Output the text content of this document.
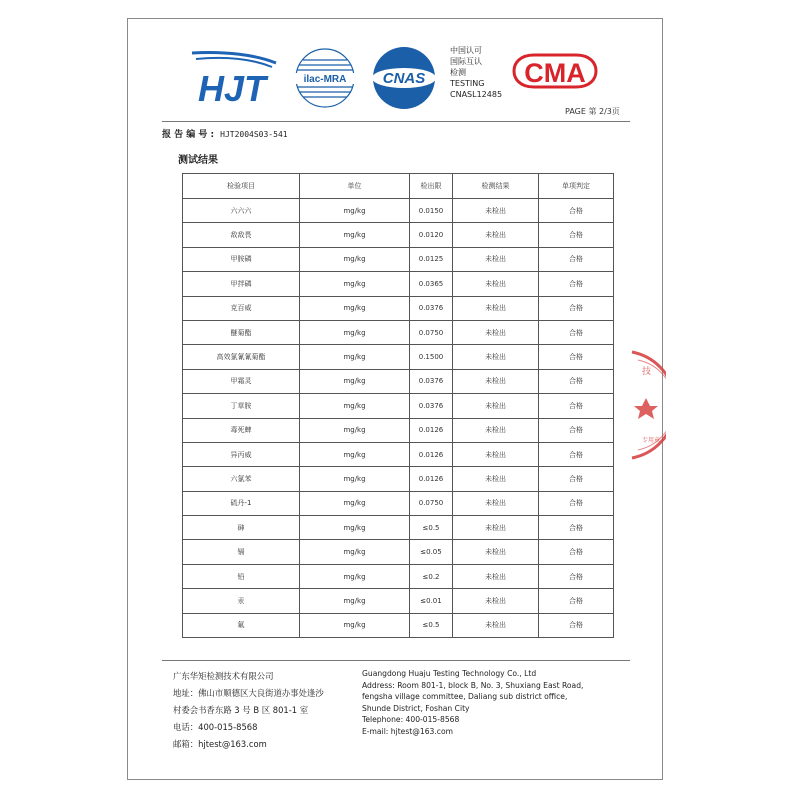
HJT	ilac-MRA CNAS
中国认可
国际互认
检测
TESTING
CNASL12485
CMA
PAGE 第 2/3页
报 告 编 号 : HJT2004S03-541
测试结果
检验项目	单位	检出限	检测结果	单项判定
六六六	mg/kg	0.0150	未检出	合格
敌敌畏	mg/kg	0.0120	未检出	合格
甲胺磷	mg/kg	0.0125	未检出	合格
甲拌磷	mg/kg	0.0365	未检出	合格
克百威	mg/kg	0.0376	未检出	合格
醚菊酯	mg/kg	0.0750	未检出	合格
高效氯氰氰菊酯	mg/kg	0.1500	未检出	合格
甲霜灵	mg/kg	0.0376	未检出	合格
丁草胺	mg/kg	0.0376	未检出	合格
毒死蜱	mg/kg	0.0126	未检出	合格
异丙威	mg/kg	0.0126	未检出	合格
六氯苯	mg/kg	0.0126	未检出	合格
硫丹-1	mg/kg	0.0750	未检出	合格
砷	mg/kg	≤0.5	未检出	合格
镉	mg/kg	≤0.05	未检出	合格
铅	mg/kg	≤0.2	未检出	合格
汞	mg/kg	≤0.01	未检出	合格
氟	mg/kg	≤0.5	未检出	合格
广东华矩检测技术有限公司
地址：佛山市顺德区大良街道办事处逢沙
村委会书香东路 3 号 B 区 801-1 室
电话：400-015-8568
邮箱：hjtest@163.com
Guangdong Huaju Testing Technology Co., Ltd
Address: Room 801-1, block B, No. 3, Shuxiang East Road,
fengsha village committee, Daliang sub district office,
Shunde District, Foshan City
Telephone: 400-015-8568
E-mail: hjtest@163.com
技
专用章
